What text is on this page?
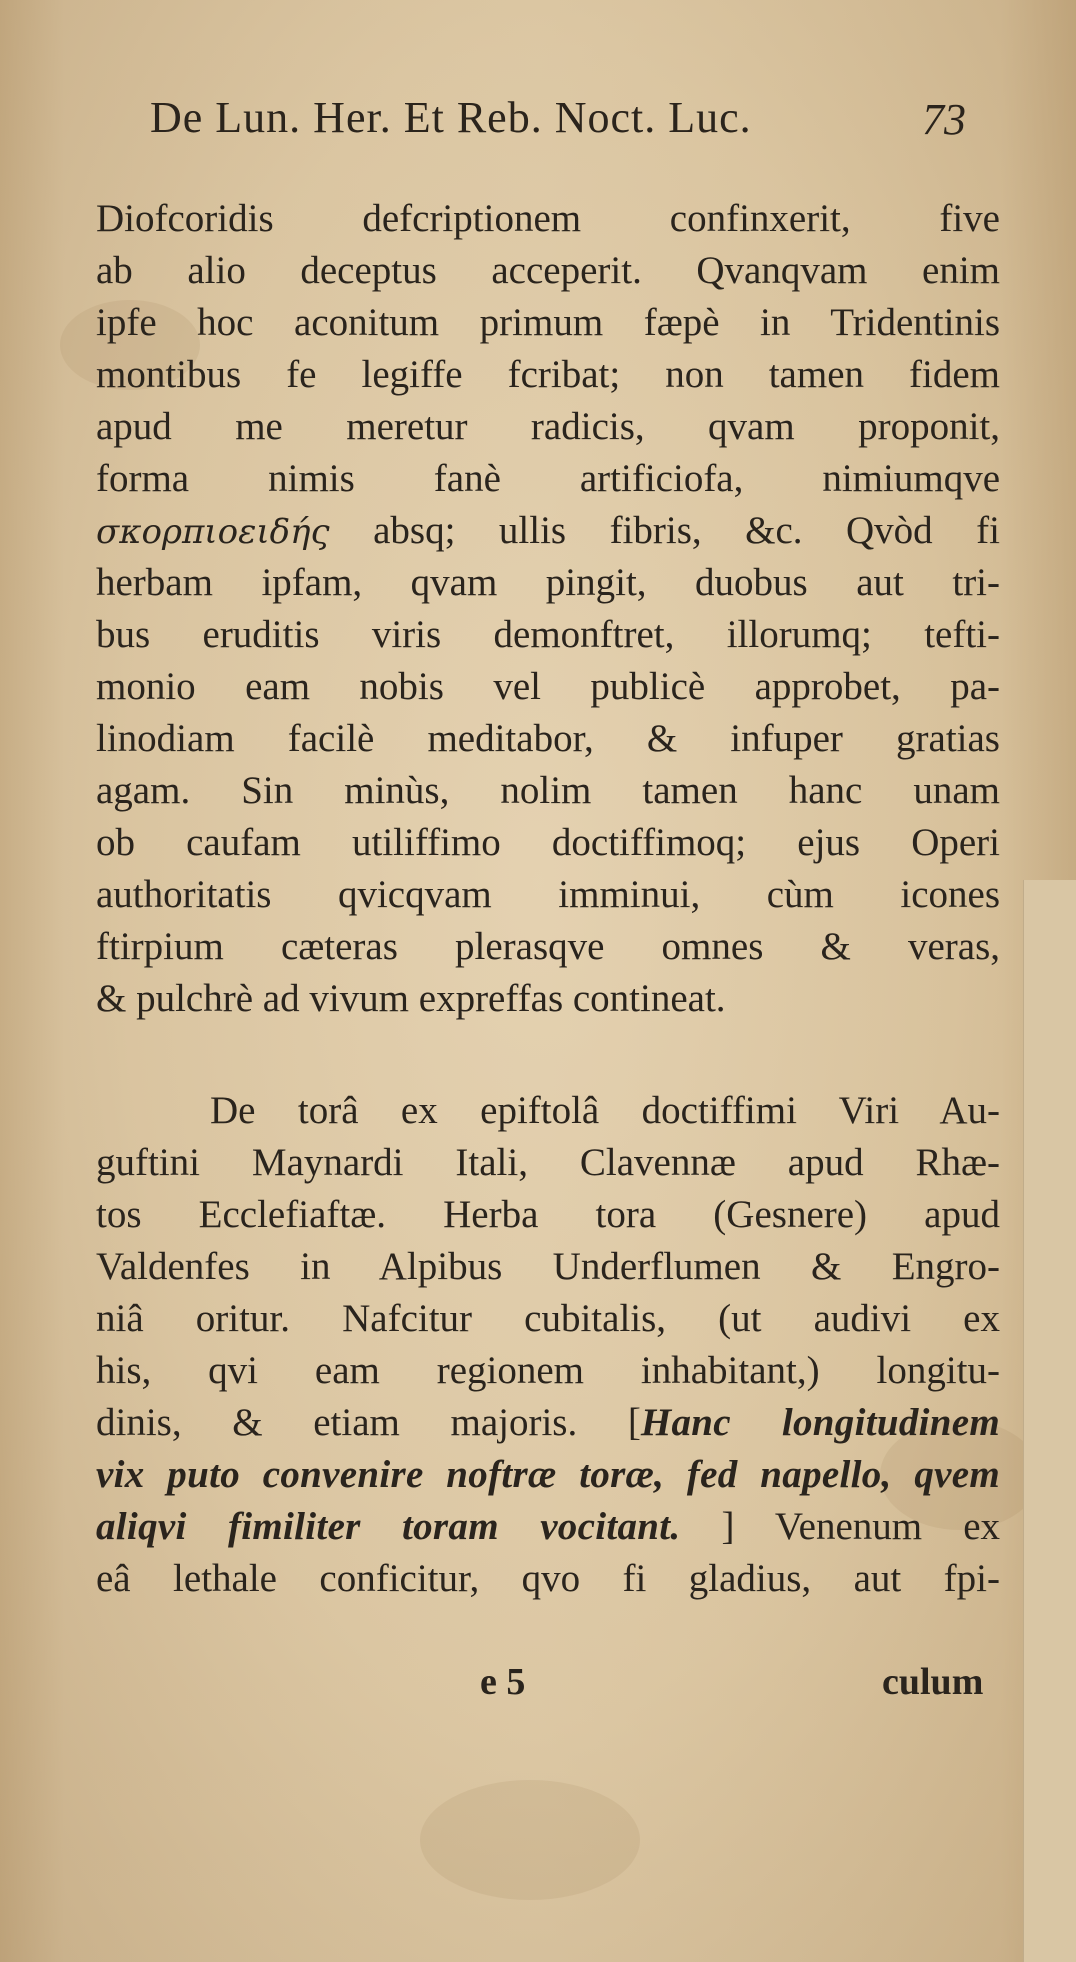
De Lun. Her. Et Reb. Noct. Luc.	73
Diofcoridis defcriptionem confinxerit, five
ab alio deceptus acceperit. Qvanqvam enim
ipfe hoc aconitum primum fæpè in Tridentinis
montibus fe legiffe fcribat; non tamen fidem
apud me meretur radicis, qvam proponit,
forma nimis fanè artificiofa, nimiumqve
σκορπιοειδής absq; ullis fibris, &c. Qvòd fi
herbam ipfam, qvam pingit, duobus aut tri-
bus eruditis viris demonftret, illorumq; tefti-
monio eam nobis vel publicè approbet, pa-
linodiam facilè meditabor, & infuper gratias
agam. Sin minùs, nolim tamen hanc unam
ob caufam utiliffimo doctiffimoq; ejus Operi
authoritatis qvicqvam imminui, cùm icones
ftirpium cæteras plerasqve omnes & veras,
& pulchrè ad vivum expreffas contineat.
De torâ ex epiftolâ doctiffimi Viri Au-
guftini Maynardi Itali, Clavennæ apud Rhæ-
tos Ecclefiaftæ. Herba tora (Gesnere) apud
Valdenfes in Alpibus Underflumen & Engro-
niâ oritur. Nafcitur cubitalis, (ut audivi ex
his, qvi eam regionem inhabitant,) longitu-
dinis, & etiam majoris. [Hanc longitudinem
vix puto convenire noftræ toræ, fed napello, qvem
aliqvi fimiliter toram vocitant. ] Venenum ex
eâ lethale conficitur, qvo fi gladius, aut fpi-
e 5	culum
